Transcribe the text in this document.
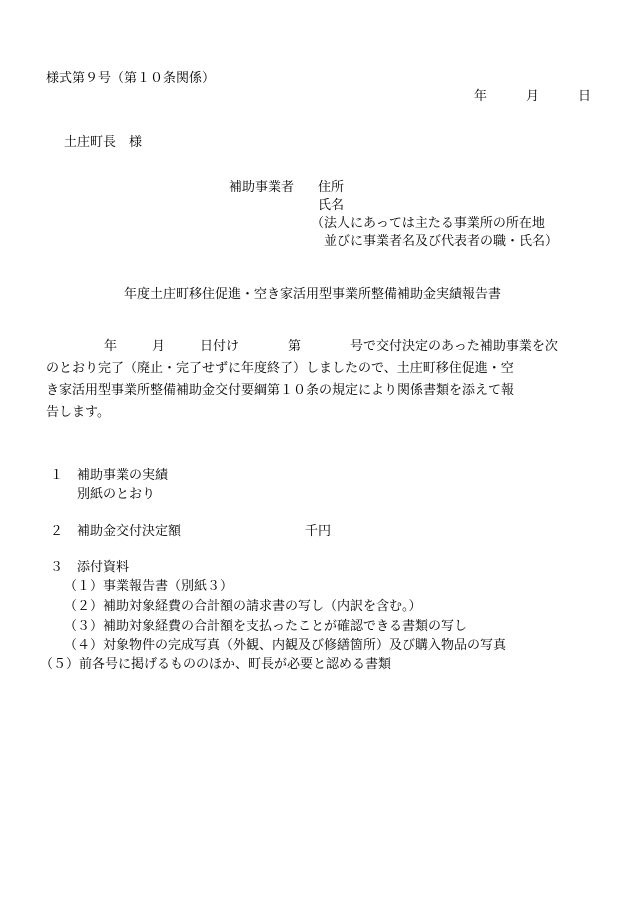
様式第９号（第１０条関係）
年	月	日
土庄町長　様
補助事業者 住所
氏名
（法人にあっては主たる事業所の所在地
並びに事業者名及び代表者の職・氏名）
年度土庄町移住促進・空き家活用型事業所整備補助金実績報告書
年	月	日付け	第	号で交付決定のあった補助事業を次
のとおり完了（廃止・完了せずに年度終了）しましたので、土庄町移住促進・空
き家活用型事業所整備補助金交付要綱第１０条の規定により関係書類を添えて報
告します。
１ 補助事業の実績
別紙のとおり
２ 補助金交付決定額	千円
３ 添付資料
（１）事業報告書（別紙３）
（２）補助対象経費の合計額の請求書の写し（内訳を含む。）
（３）補助対象経費の合計額を支払ったことが確認できる書類の写し
（４）対象物件の完成写真（外観、内観及び修繕箇所）及び購入物品の写真
（５）前各号に掲げるもののほか、町長が必要と認める書類
